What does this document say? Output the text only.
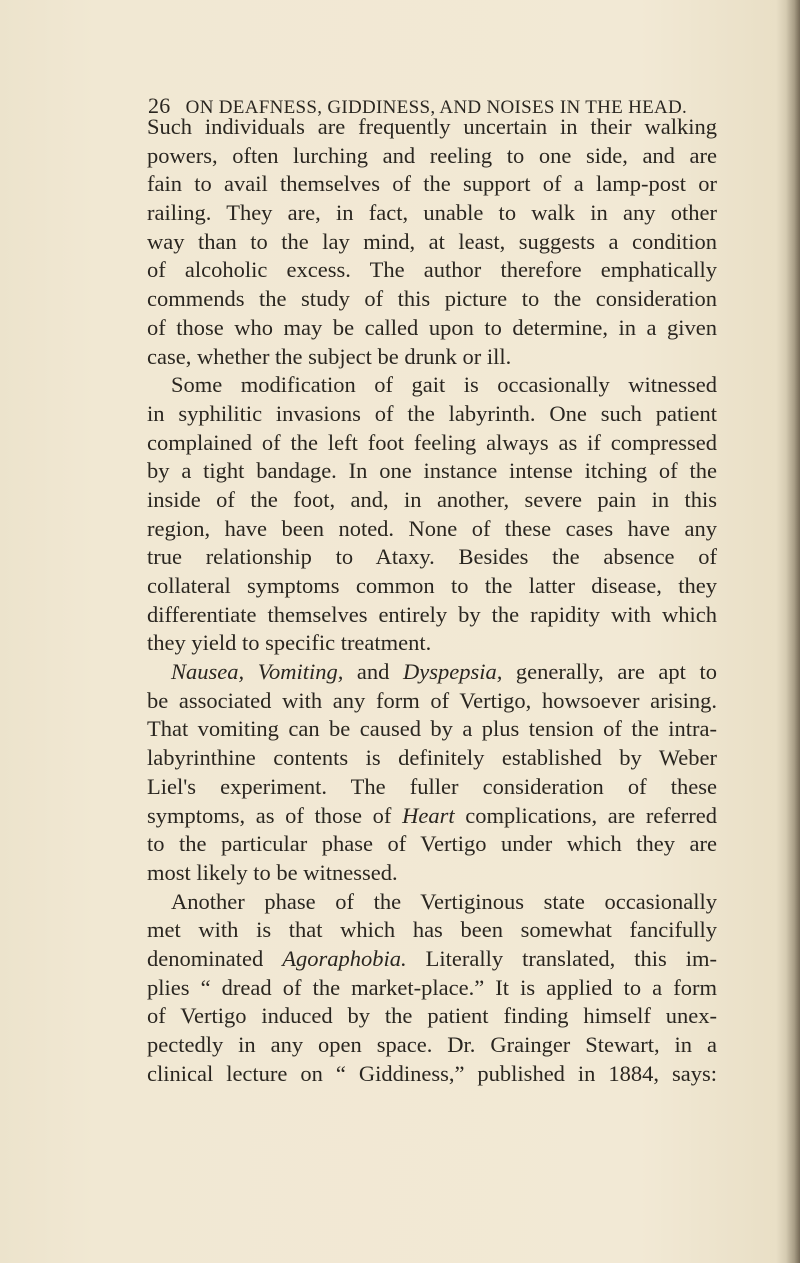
26 ON DEAFNESS, GIDDINESS, AND NOISES IN THE HEAD.
Such individuals are frequently uncertain in their walking
powers, often lurching and reeling to one side, and are
fain to avail themselves of the support of a lamp-post or
railing. They are, in fact, unable to walk in any other
way than to the lay mind, at least, suggests a condition
of alcoholic excess. The author therefore emphatically
commends the study of this picture to the consideration
of those who may be called upon to determine, in a given
case, whether the subject be drunk or ill.
Some modification of gait is occasionally witnessed
in syphilitic invasions of the labyrinth. One such patient
complained of the left foot feeling always as if compressed
by a tight bandage. In one instance intense itching of the
inside of the foot, and, in another, severe pain in this
region, have been noted. None of these cases have any
true relationship to Ataxy. Besides the absence of
collateral symptoms common to the latter disease, they
differentiate themselves entirely by the rapidity with which
they yield to specific treatment.
Nausea, Vomiting, and Dyspepsia, generally, are apt to
be associated with any form of Vertigo, howsoever arising.
That vomiting can be caused by a plus tension of the intra-
labyrinthine contents is definitely established by Weber
Liel's experiment. The fuller consideration of these
symptoms, as of those of Heart complications, are referred
to the particular phase of Vertigo under which they are
most likely to be witnessed.
Another phase of the Vertiginous state occasionally
met with is that which has been somewhat fancifully
denominated Agoraphobia. Literally translated, this im-
plies “ dread of the market-place.” It is applied to a form
of Vertigo induced by the patient finding himself unex-
pectedly in any open space. Dr. Grainger Stewart, in a
clinical lecture on “ Giddiness,” published in 1884, says:
